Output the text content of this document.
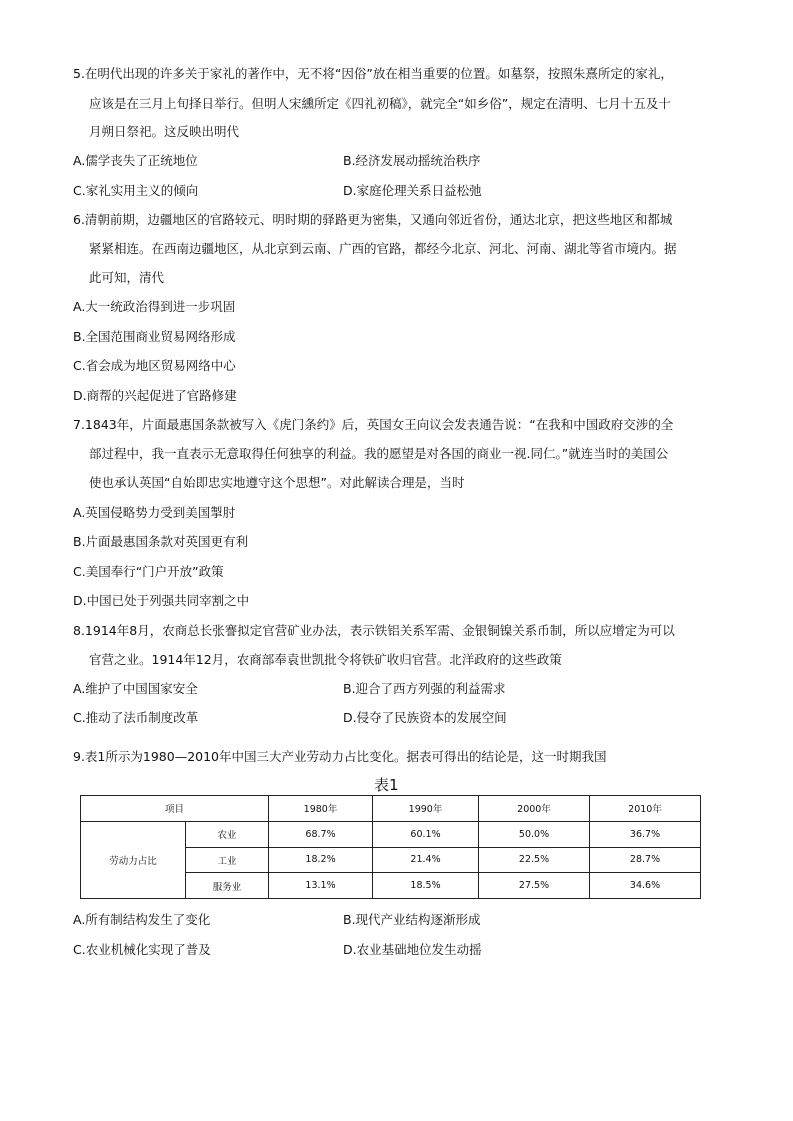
5.在明代出现的许多关于家礼的著作中，无不将“因俗”放在相当重要的位置。如墓祭，按照朱熹所定的家礼，
应该是在三月上旬择日举行。但明人宋纁所定《四礼初稿》，就完全“如乡俗”，规定在清明、七月十五及十
月朔日祭祀。这反映出明代
A.儒学丧失了正统地位	B.经济发展动摇统治秩序
C.家礼实用主义的倾向	D.家庭伦理关系日益松弛
6.清朝前期，边疆地区的官路较元、明时期的驿路更为密集，又通向邻近省份，通达北京，把这些地区和都城
紧紧相连。在西南边疆地区，从北京到云南、广西的官路，都经今北京、河北、河南、湖北等省市境内。据
此可知，清代
A.大一统政治得到进一步巩固
B.全国范围商业贸易网络形成
C.省会成为地区贸易网络中心
D.商帮的兴起促进了官路修建
7.1843年，片面最惠国条款被写入《虎门条约》后，英国女王向议会发表通告说：“在我和中国政府交涉的全
部过程中，我一直表示无意取得任何独享的利益。我的愿望是对各国的商业一视.同仁。”就连当时的美国公
使也承认英国“自始即忠实地遵守这个思想”。对此解读合理是，当时
A.英国侵略势力受到美国掣肘
B.片面最惠国条款对英国更有利
C.美国奉行“门户开放”政策
D.中国已处于列强共同宰割之中
8.1914年8月，农商总长张謇拟定官营矿业办法，表示铁铝关系军需、金银铜镍关系币制，所以应增定为可以
官营之业。1914年12月，农商部奉袁世凯批令将铁矿收归官营。北洋政府的这些政策
A.维护了中国国家安全	B.迎合了西方列强的利益需求
C.推动了法币制度改革	D.侵夺了民族资本的发展空间
9.表1所示为1980—2010年中国三大产业劳动力占比变化。据表可得出的结论是，这一时期我国
表1
项目		1980年	1990年	2000年	2010年
劳动力占比	农业	68.7%	60.1%	50.0%	36.7%
	工业	18.2%	21.4%	22.5%	28.7%
	服务业	13.1%	18.5%	27.5%	34.6%
A.所有制结构发生了变化	B.现代产业结构逐渐形成
C.农业机械化实现了普及	D.农业基础地位发生动摇
